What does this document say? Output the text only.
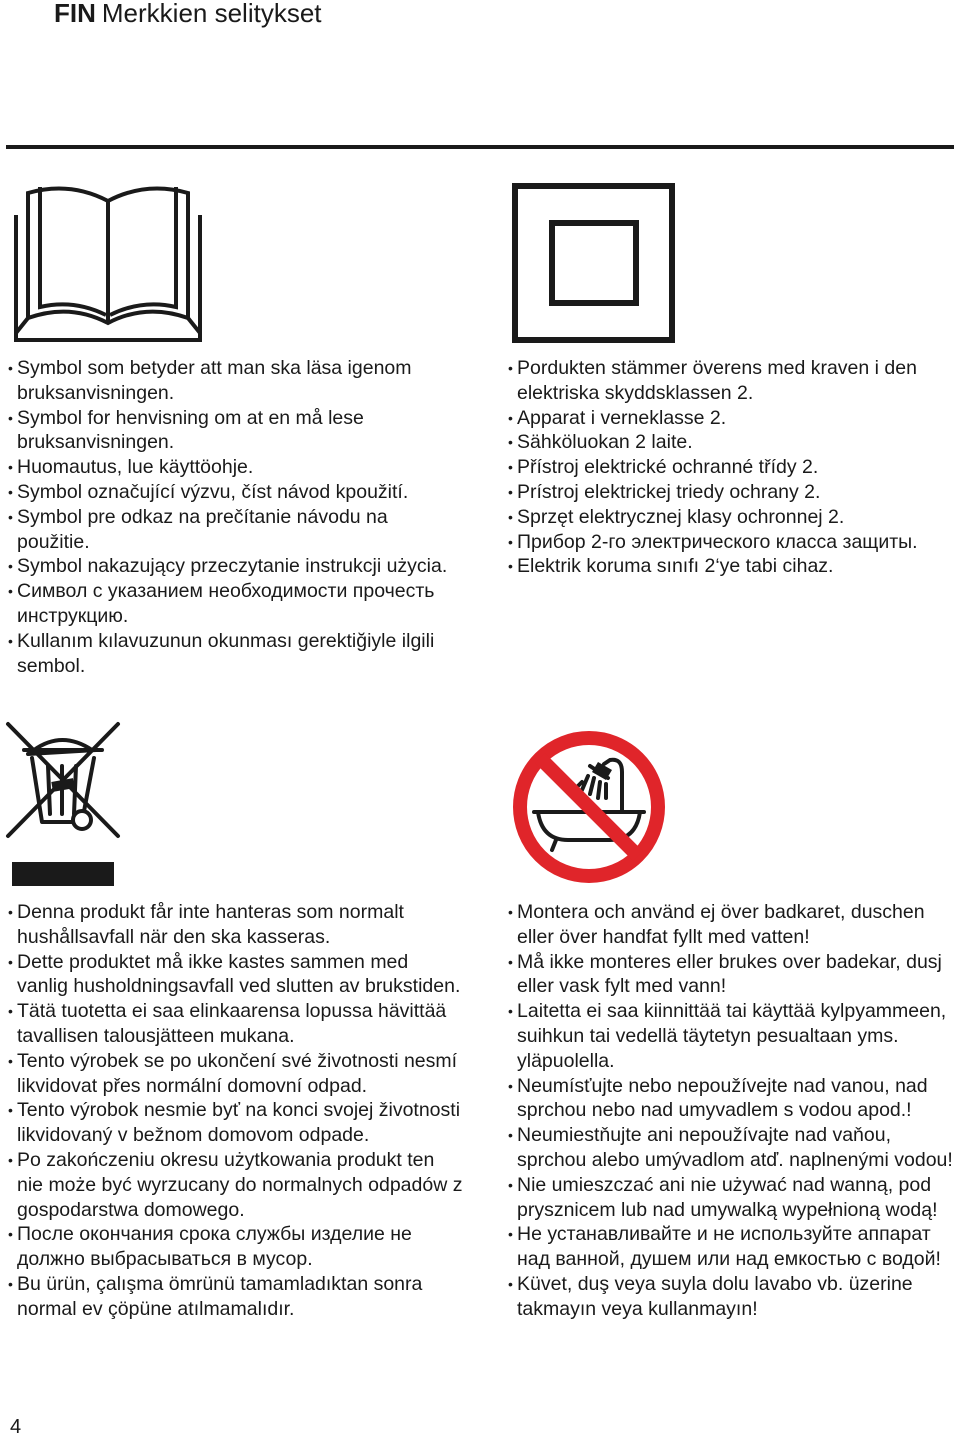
FIN Merkkien selitykset
• Symbol som betyder att man ska läsa igenom bruksanvisningen.
• Symbol for henvisning om at en må lese bruksanvisningen.
• Huomautus, lue käyttöohje.
• Symbol označující výzvu, číst návod kpoužití.
• Symbol pre odkaz na prečítanie návodu na použitie.
• Symbol nakazujący przeczytanie instrukcji użycia.
• Символ с указанием необходимости прочесть инструкцию.
• Kullanım kılavuzunun okunması gerektiğiyle ilgili sembol.
• Pordukten stämmer överens med kraven i den elektriska skyddsklassen 2.
• Apparat i verneklasse 2.
• Sähköluokan 2 laite.
• Přístroj elektrické ochranné třídy 2.
• Prístroj elektrickej triedy ochrany 2.
• Sprzęt elektrycznej klasy ochronnej 2.
• Прибор 2-го электрического класса защиты.
• Elektrik koruma sınıfı 2‘ye tabi cihaz.
• Denna produkt får inte hanteras som normalt hushållsavfall när den ska kasseras.
• Dette produktet må ikke kastes sammen med vanlig husholdningsavfall ved slutten av brukstiden.
• Tätä tuotetta ei saa elinkaarensa lopussa hävittää tavallisen talousjätteen mukana.
• Tento výrobek se po ukončení své životnosti nesmí likvidovat přes normální domovní odpad.
• Tento výrobok nesmie byť na konci svojej životnosti likvidovaný v bežnom domovom odpade.
• Po zakończeniu okresu użytkowania produkt ten nie może być wyrzucany do normalnych odpadów z gospodarstwa domowego.
• После окончания срока службы изделие не должно выбрасываться в мусор.
• Bu ürün, çalışma ömrünü tamamladıktan sonra normal ev çöpüne atılmamalıdır.
• Montera och använd ej över badkaret, duschen eller över handfat fyllt med vatten!
• Må ikke monteres eller brukes over badekar, dusj eller vask fylt med vann!
• Laitetta ei saa kiinnittää tai käyttää kylpyammeen, suihkun tai vedellä täytetyn pesualtaan yms. yläpuolella.
• Neumísťujte nebo nepoužívejte nad vanou, nad sprchou nebo nad umyvadlem s vodou apod.!
• Neumiestňujte ani nepoužívajte nad vaňou, sprchou alebo umývadlom atď. naplnenými vodou!
• Nie umieszczać ani nie używać nad wanną, pod prysznicem lub nad umywalką wypełnioną wodą!
• Не устанавливайте и не используйте аппарат над ванной, душем или над емкостью с водой!
• Küvet, duş veya suyla dolu lavabo vb. üzerine takmayın veya kullanmayın!
4
